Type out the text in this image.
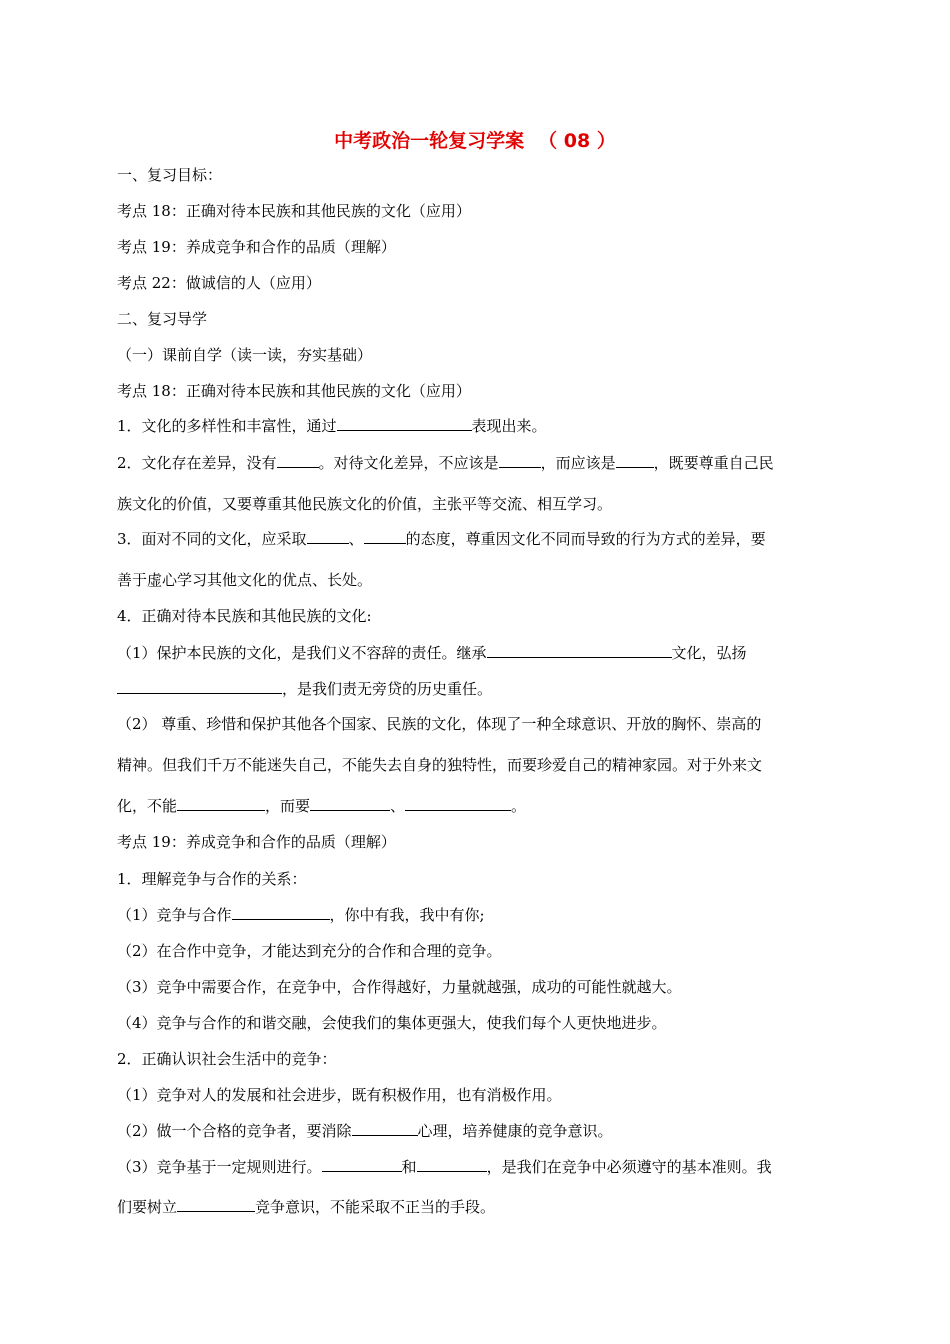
中考政治一轮复习学案 （ 08 ）
一、复习目标：
考点 18：正确对待本民族和其他民族的文化（应用）
考点 19：养成竞争和合作的品质（理解）
考点 22：做诚信的人（应用）
二、复习导学
（一）课前自学（读一读，夯实基础）
考点 18：正确对待本民族和其他民族的文化（应用）
1．文化的多样性和丰富性，通过	表现出来。
2．文化存在差异，没有	。对待文化差异，不应该是	，而应该是	，既要尊重自己民
族文化的价值，又要尊重其他民族文化的价值，主张平等交流、相互学习。
3．面对不同的文化，应采取	、	的态度，尊重因文化不同而导致的行为方式的差异，要
善于虚心学习其他文化的优点、长处。
4．正确对待本民族和其他民族的文化:
（1）保护本民族的文化，是我们义不容辞的责任。继承	文化，弘扬
，是我们责无旁贷的历史重任。
（2） 尊重、珍惜和保护其他各个国家、民族的文化，体现了一种全球意识、开放的胸怀、崇高的
精神。但我们千万不能迷失自己，不能失去自身的独特性，而要珍爱自己的精神家园。对于外来文
化，不能	，而要	、	。
考点 19：养成竞争和合作的品质（理解）
1．理解竞争与合作的关系：
（1）竞争与合作	，你中有我，我中有你;
（2）在合作中竞争，才能达到充分的合作和合理的竞争。
（3）竞争中需要合作，在竞争中，合作得越好，力量就越强，成功的可能性就越大。
（4）竞争与合作的和谐交融，会使我们的集体更强大，使我们每个人更快地进步。
2．正确认识社会生活中的竞争：
（1）竞争对人的发展和社会进步，既有积极作用，也有消极作用。
（2）做一个合格的竞争者，要消除	心理，培养健康的竞争意识。
（3）竞争基于一定规则进行。	和	，是我们在竞争中必须遵守的基本准则。我
们要树立	竞争意识，不能采取不正当的手段。
